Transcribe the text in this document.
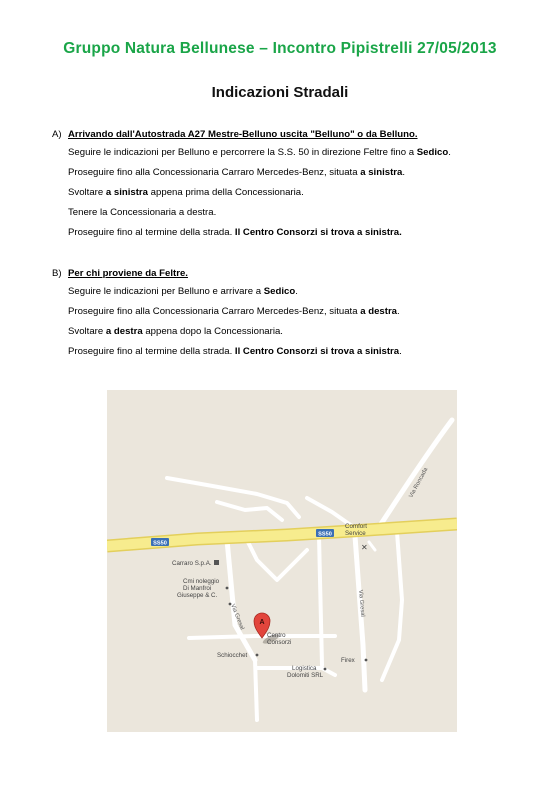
Gruppo Natura Bellunese – Incontro Pipistrelli 27/05/2013
Indicazioni Stradali
A) Arrivando dall'Autostrada A27 Mestre-Belluno uscita "Belluno" o da Belluno.
Seguire le indicazioni per Belluno e percorrere la S.S. 50 in direzione Feltre fino a Sedico.
Proseguire fino alla Concessionaria Carraro Mercedes-Benz, situata a sinistra.
Svoltare a sinistra appena prima della Concessionaria.
Tenere la Concessionaria a destra.
Proseguire fino al termine della strada. Il Centro Consorzi si trova a sinistra.
B) Per chi proviene da Feltre.
Seguire le indicazioni per Belluno e arrivare a Sedico.
Proseguire fino alla Concessionaria Carraro Mercedes-Benz, situata a destra.
Svoltare a destra appena dopo la Concessionaria.
Proseguire fino al termine della strada. Il Centro Consorzi si trova a sinistra.
SS50
SS50
Via Roncada
Comfort
Service
✕
Carraro S.p.A.
Cmi noleggio
Di Manfroi
Giuseppe & C.
Via Gresal
Via Gresal
Schiocchet
Firex
Logistica
Dolomiti SRL
A
Centro
Consorzi
